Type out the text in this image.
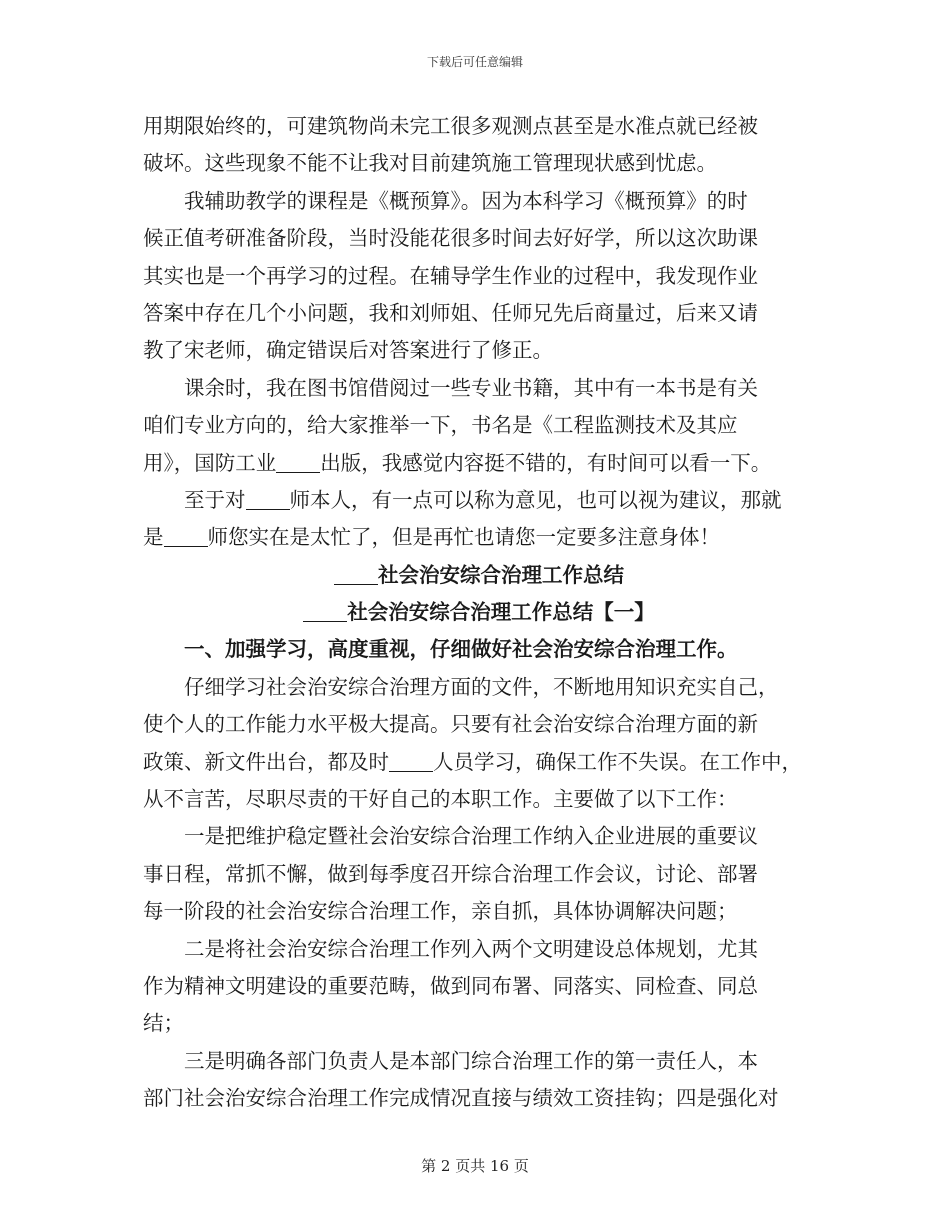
下载后可任意编辑
用期限始终的，可建筑物尚未完工很多观测点甚至是水准点就已经被
破坏。这些现象不能不让我对目前建筑施工管理现状感到忧虑。
我辅助教学的课程是《概预算》。因为本科学习《概预算》的时
候正值考研准备阶段，当时没能花很多时间去好好学，所以这次助课
其实也是一个再学习的过程。在辅导学生作业的过程中，我发现作业
答案中存在几个小问题，我和刘师姐、任师兄先后商量过，后来又请
教了宋老师，确定错误后对答案进行了修正。
课余时，我在图书馆借阅过一些专业书籍，其中有一本书是有关
咱们专业方向的，给大家推举一下，书名是《工程监测技术及其应
用》，国防工业 出版，我感觉内容挺不错的，有时间可以看一下。
至于对 师本人，有一点可以称为意见，也可以视为建议，那就
是 师您实在是太忙了，但是再忙也请您一定要多注意身体！
社会治安综合治理工作总结
社会治安综合治理工作总结【一】
一、加强学习，高度重视，仔细做好社会治安综合治理工作。
仔细学习社会治安综合治理方面的文件，不断地用知识充实自己，
使个人的工作能力水平极大提高。只要有社会治安综合治理方面的新
政策、新文件出台，都及时 人员学习，确保工作不失误。在工作中，
从不言苦，尽职尽责的干好自己的本职工作。主要做了以下工作：
一是把维护稳定暨社会治安综合治理工作纳入企业进展的重要议
事日程，常抓不懈，做到每季度召开综合治理工作会议，讨论、部署
每一阶段的社会治安综合治理工作，亲自抓，具体协调解决问题；
二是将社会治安综合治理工作列入两个文明建设总体规划，尤其
作为精神文明建设的重要范畴，做到同布署、同落实、同检查、同总
结；
三是明确各部门负责人是本部门综合治理工作的第一责任人，本
部门社会治安综合治理工作完成情况直接与绩效工资挂钩；四是强化对
第 2 页共 16 页
